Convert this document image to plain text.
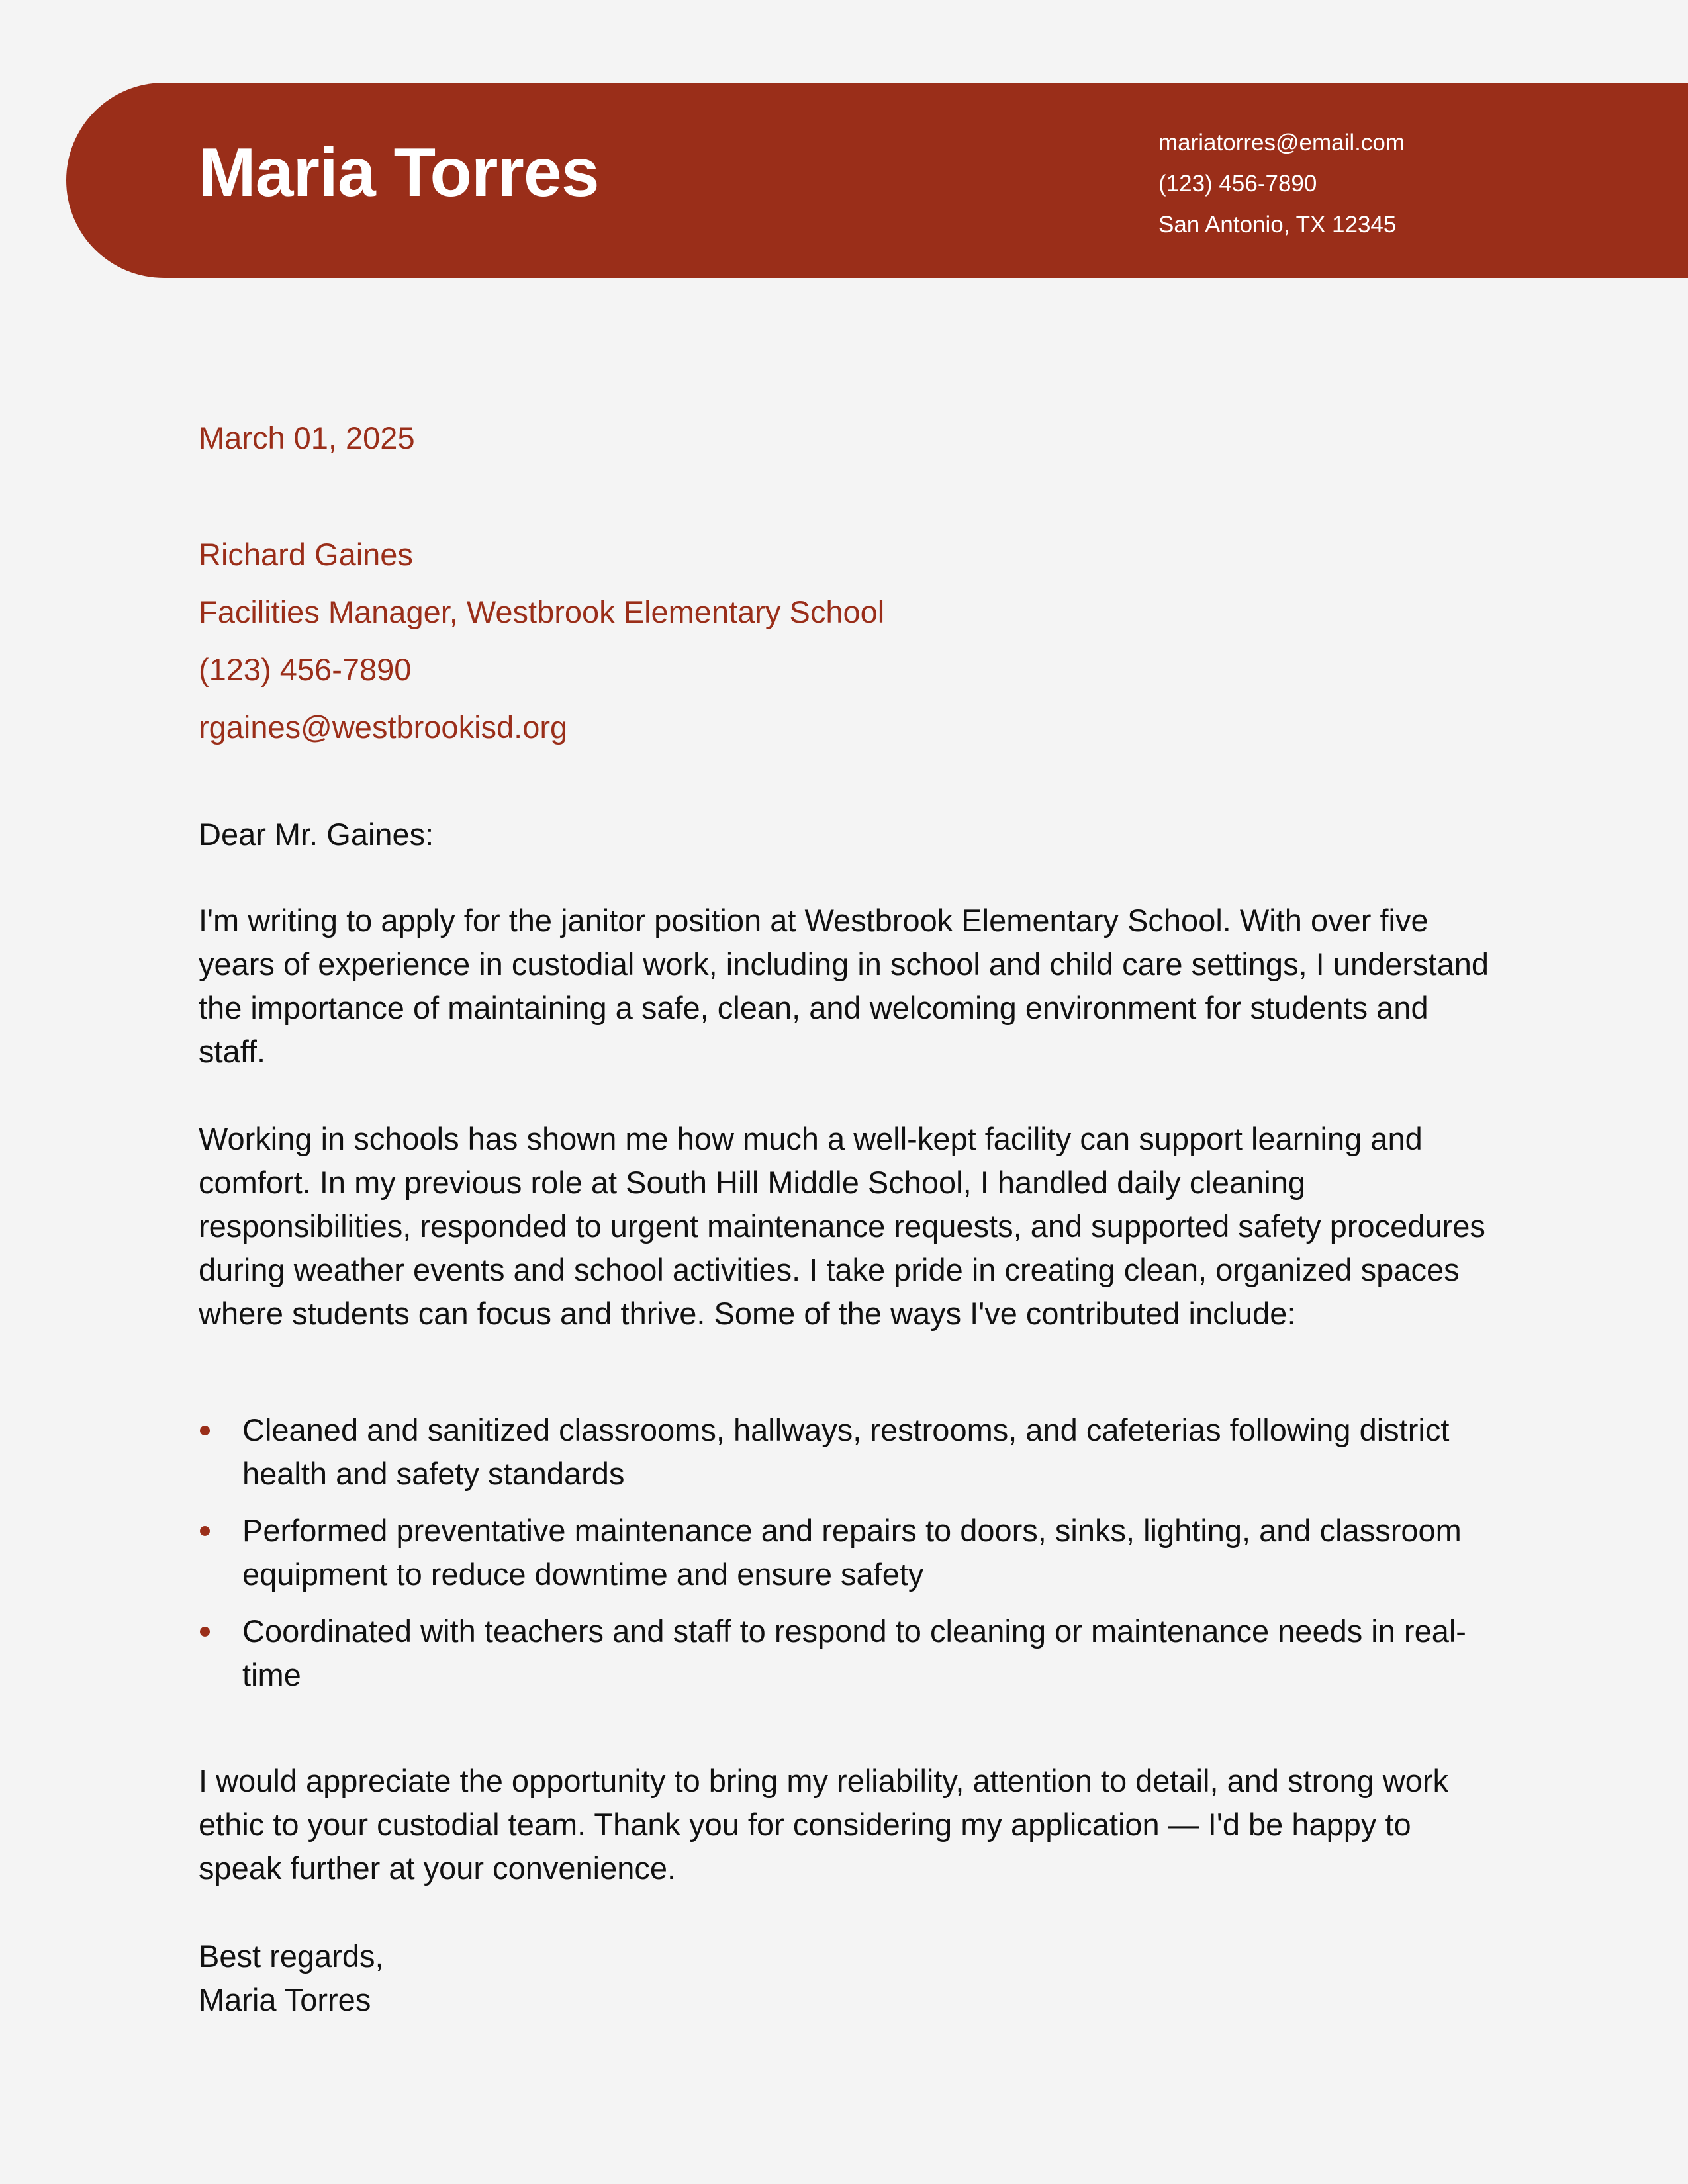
Maria Torres	mariatorres@email.com
(123) 456-7890
San Antonio, TX 12345
March 01, 2025
Richard Gaines
Facilities Manager, Westbrook Elementary School
(123) 456-7890
rgaines@westbrookisd.org
Dear Mr. Gaines:

I'm writing to apply for the janitor position at Westbrook Elementary School. With over five years of experience in custodial work, including in school and child care settings, I understand the importance of maintaining a safe, clean, and welcoming environment for students and staff.

Working in schools has shown me how much a well-kept facility can support learning and comfort. In my previous role at South Hill Middle School, I handled daily cleaning responsibilities, responded to urgent maintenance requests, and supported safety procedures during weather events and school activities. I take pride in creating clean, organized spaces where students can focus and thrive. Some of the ways I've contributed include:

Cleaned and sanitized classrooms, hallways, restrooms, and cafeterias following district health and safety standards
Performed preventative maintenance and repairs to doors, sinks, lighting, and classroom equipment to reduce downtime and ensure safety
Coordinated with teachers and staff to respond to cleaning or maintenance needs in real-time

I would appreciate the opportunity to bring my reliability, attention to detail, and strong work ethic to your custodial team. Thank you for considering my application — I'd be happy to speak further at your convenience.

Best regards,
Maria Torres
